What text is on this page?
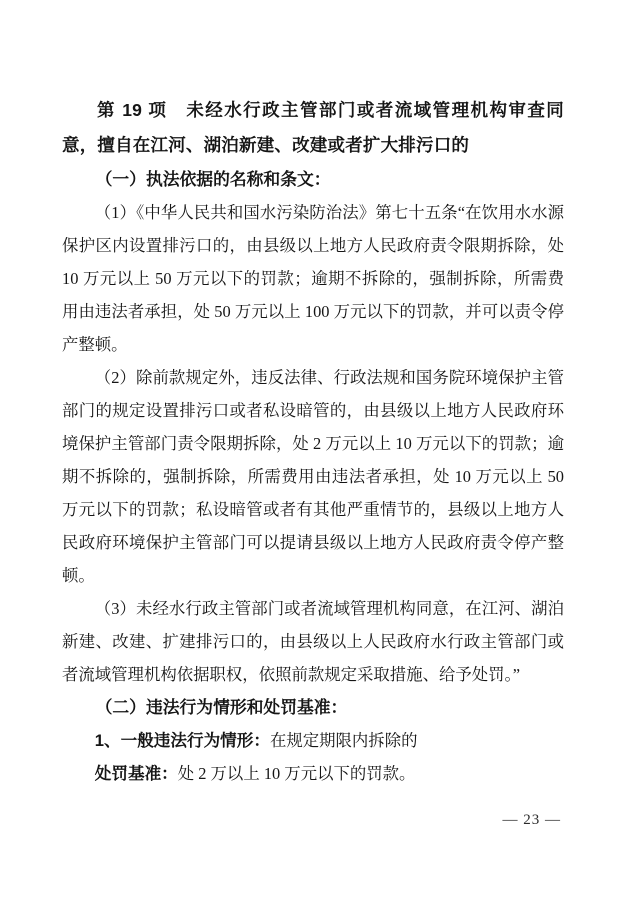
第 19 项　未经水行政主管部门或者流域管理机构审查同意，擅自在江河、湖泊新建、改建或者扩大排污口的
（一）执法依据的名称和条文：
（1）《中华人民共和国水污染防治法》第七十五条“在饮用水水源保护区内设置排污口的，由县级以上地方人民政府责令限期拆除，处 10 万元以上 50 万元以下的罚款；逾期不拆除的，强制拆除，所需费用由违法者承担，处 50 万元以上 100 万元以下的罚款，并可以责令停产整顿。
（2）除前款规定外，违反法律、行政法规和国务院环境保护主管部门的规定设置排污口或者私设暗管的，由县级以上地方人民政府环境保护主管部门责令限期拆除，处 2 万元以上 10 万元以下的罚款；逾期不拆除的，强制拆除，所需费用由违法者承担，处 10 万元以上 50 万元以下的罚款；私设暗管或者有其他严重情节的，县级以上地方人民政府环境保护主管部门可以提请县级以上地方人民政府责令停产整顿。
（3）未经水行政主管部门或者流域管理机构同意，在江河、湖泊新建、改建、扩建排污口的，由县级以上人民政府水行政主管部门或者流域管理机构依据职权，依照前款规定采取措施、给予处罚。”
（二）违法行为情形和处罚基准：
1、一般违法行为情形：在规定期限内拆除的
处罚基准：处 2 万以上 10 万元以下的罚款。
— 23 —
